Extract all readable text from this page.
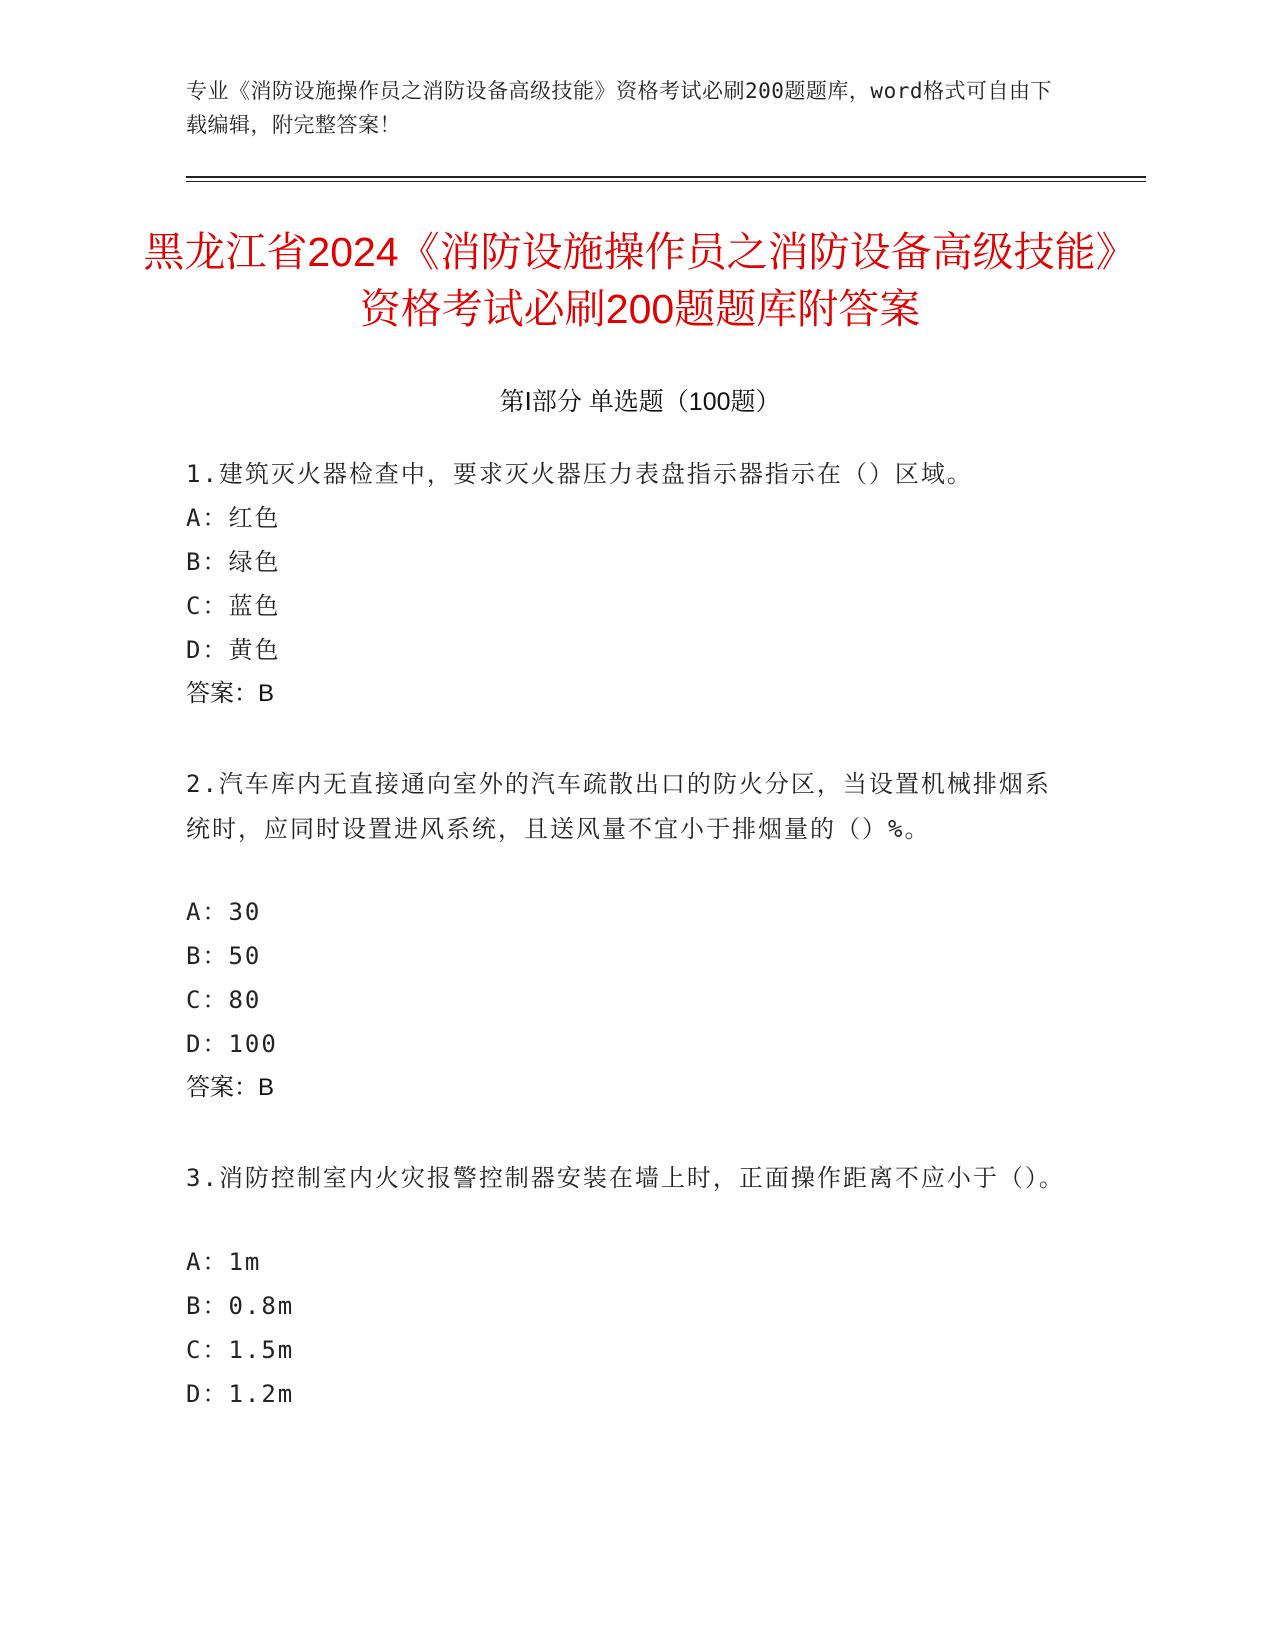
专业《消防设施操作员之消防设备高级技能》资格考试必刷200题题库，word格式可自由下载编辑，附完整答案！
黑龙江省2024《消防设施操作员之消防设备高级技能》资格考试必刷200题题库附答案
第Ⅰ部分 单选题（100题）
1.建筑灭火器检查中，要求灭火器压力表盘指示器指示在（）区域。
A：红色
B：绿色
C：蓝色
D：黄色
答案：B
2.汽车库内无直接通向室外的汽车疏散出口的防火分区，当设置机械排烟系统时，应同时设置进风系统，且送风量不宜小于排烟量的（）%。
A：30
B：50
C：80
D：100
答案：B
3.消防控制室内火灾报警控制器安装在墙上时，正面操作距离不应小于（）。
A：1m
B：0.8m
C：1.5m
D：1.2m
